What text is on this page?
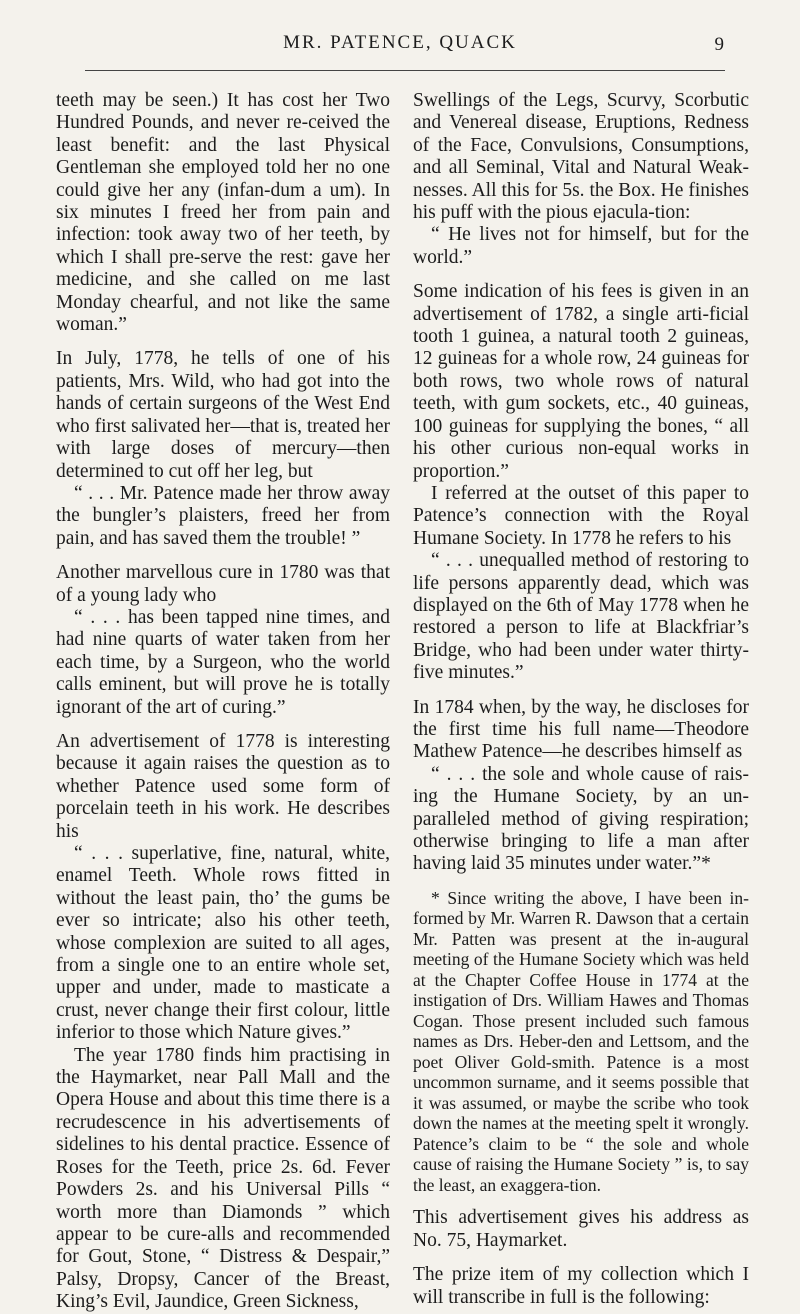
MR. PATENCE, QUACK	9

teeth may be seen.) It has cost her Two Hundred Pounds, and never re-ceived the least benefit: and the last Physical Gentleman she employed told her no one could give her any (infan-dum a um). In six minutes I freed her from pain and infection: took away two of her teeth, by which I shall pre-serve the rest: gave her medicine, and she called on me last Monday chearful, and not like the same woman.”

In July, 1778, he tells of one of his patients, Mrs. Wild, who had got into the hands of certain surgeons of the West End who first salivated her—that is, treated her with large doses of mercury—then determined to cut off her leg, but

“ . . . Mr. Patence made her throw away the bungler’s plaisters, freed her from pain, and has saved them the trouble! ”

Another marvellous cure in 1780 was that of a young lady who

“ . . . has been tapped nine times, and had nine quarts of water taken from her each time, by a Surgeon, who the world calls eminent, but will prove he is totally ignorant of the art of curing.”

An advertisement of 1778 is interesting because it again raises the question as to whether Patence used some form of porcelain teeth in his work. He describes his

“ . . . superlative, fine, natural, white, enamel Teeth. Whole rows fitted in without the least pain, tho’ the gums be ever so intricate; also his other teeth, whose complexion are suited to all ages, from a single one to an entire whole set, upper and under, made to masticate a crust, never change their first colour, little inferior to those which Nature gives.”

The year 1780 finds him practising in the Haymarket, near Pall Mall and the Opera House and about this time there is a recrudescence in his advertisements of sidelines to his dental practice. Essence of Roses for the Teeth, price 2s. 6d. Fever Powders 2s. and his Universal Pills “ worth more than Diamonds ” which appear to be cure-alls and recommended for Gout, Stone, “ Distress & Despair,” Palsy, Dropsy, Cancer of the Breast, King’s Evil, Jaundice, Green Sickness,

Swellings of the Legs, Scurvy, Scorbutic and Venereal disease, Eruptions, Redness of the Face, Convulsions, Consumptions, and all Seminal, Vital and Natural Weak-nesses. All this for 5s. the Box. He finishes his puff with the pious ejacula-tion:

“ He lives not for himself, but for the world.”

Some indication of his fees is given in an advertisement of 1782, a single arti-ficial tooth 1 guinea, a natural tooth 2 guineas, 12 guineas for a whole row, 24 guineas for both rows, two whole rows of natural teeth, with gum sockets, etc., 40 guineas, 100 guineas for supplying the bones, “ all his other curious non-equal works in proportion.”

I referred at the outset of this paper to Patence’s connection with the Royal Humane Society. In 1778 he refers to his

“ . . . unequalled method of restoring to life persons apparently dead, which was displayed on the 6th of May 1778 when he restored a person to life at Blackfriar’s Bridge, who had been under water thirty-five minutes.”

In 1784 when, by the way, he discloses for the first time his full name—Theodore Mathew Patence—he describes himself as

“ . . . the sole and whole cause of rais-ing the Humane Society, by an un-paralleled method of giving respiration; otherwise bringing to life a man after having laid 35 minutes under water.”*

* Since writing the above, I have been in-formed by Mr. Warren R. Dawson that a certain Mr. Patten was present at the in-augural meeting of the Humane Society which was held at the Chapter Coffee House in 1774 at the instigation of Drs. William Hawes and Thomas Cogan. Those present included such famous names as Drs. Heber-den and Lettsom, and the poet Oliver Gold-smith. Patence is a most uncommon surname, and it seems possible that it was assumed, or maybe the scribe who took down the names at the meeting spelt it wrongly. Patence’s claim to be “ the sole and whole cause of raising the Humane Society ” is, to say the least, an exaggera-tion.

This advertisement gives his address as No. 75, Haymarket.

The prize item of my collection which I will transcribe in full is the following:
